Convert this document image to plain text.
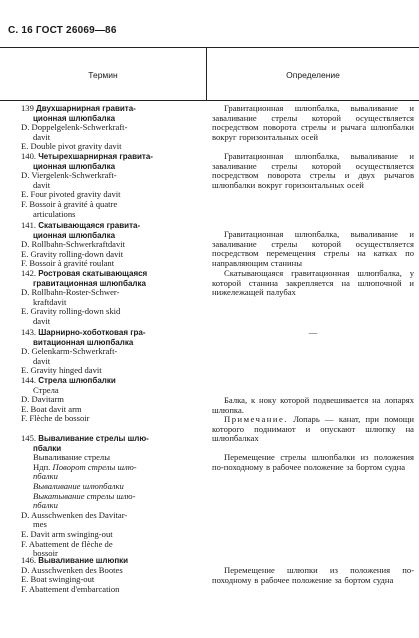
С. 16 ГОСТ 26069—86
Термин	Определение
139 Двухшарнирная гравита-
ционная шлюпбалка
D. Doppelgelenk-Schwerkraft-
davit
E. Double pivot gravity davit
140. Четырехшарнирная гравита-
ционная шлюпбалка
D. Viergelenk-Schwerkraft-
davit
E. Four pivoted gravity davit
F. Bossoir à gravité à quatre
articulations
141. Скатывающаяся гравита-
ционная шлюпбалка
D. Rollbahn-Schwerkraftdavit
E. Gravity rolling-down davit
F. Bossoir à gravité roulant
142. Ростровая скатывающаяся
гравитационная шлюпбалка
D. Rollbahn-Roster-Schwer-
kraftdavit
E. Gravity rolling-down skid
davit
143. Шарнирно-хоботковая гра-
витационная шлюпбалка
D. Gelenkarm-Schwerkraft-
davit
E. Gravity hinged davit
144. Стрела шлюпбалки
Стрела
D. Davitarm
E. Boat davit arm
F. Flèche de bossoir
145. Вываливание стрелы шлю-
пбалки
Вываливание стрелы
Ндп. Поворот стрелы шлю-
пбалки
Вываливание шлюпбалки
Выкатывание стрелы шлю-
пбалки
D. Ausschwenken des Davitar-
mes
E. Davit arm swinging-out
F. Abattement de flèche de
bossoir
146. Вываливание шлюпки
D. Ausschwenken des Bootes
E. Boat swinging-out
F. Abattement d'embarcation
Гравитационная шлюпбалка, вываливание и заваливание стрелы которой осуществляется посредством поворота стрелы и рычага шлюпбалки вокруг горизонтальных осей
Гравитационная шлюпбалка, вываливание и заваливание стрелы которой осуществляется посредством поворота стрелы и двух рычагов шлюпбалки вокруг горизонтальных осей
Гравитационная шлюпбалка, вываливание и заваливание стрелы которой осуществляется посредством перемещения стрелы на катках по направляющим станины
Скатывающаяся гравитационная шлюпбалка, у которой станина закрепляется на шлюпочной и нижележащей палубах
—
Балка, к ноку которой подвешивается на лопарях шлюпка.
Примечание. Лопарь — канат, при помощи которого поднимают и опускают шлюпку на шлюпбалках
Перемещение стрелы шлюпбалки из положения по-походному в рабочее положение за бортом судна
Перемещение шлюпки из положения по-походному в рабочее положение за бортом судна
